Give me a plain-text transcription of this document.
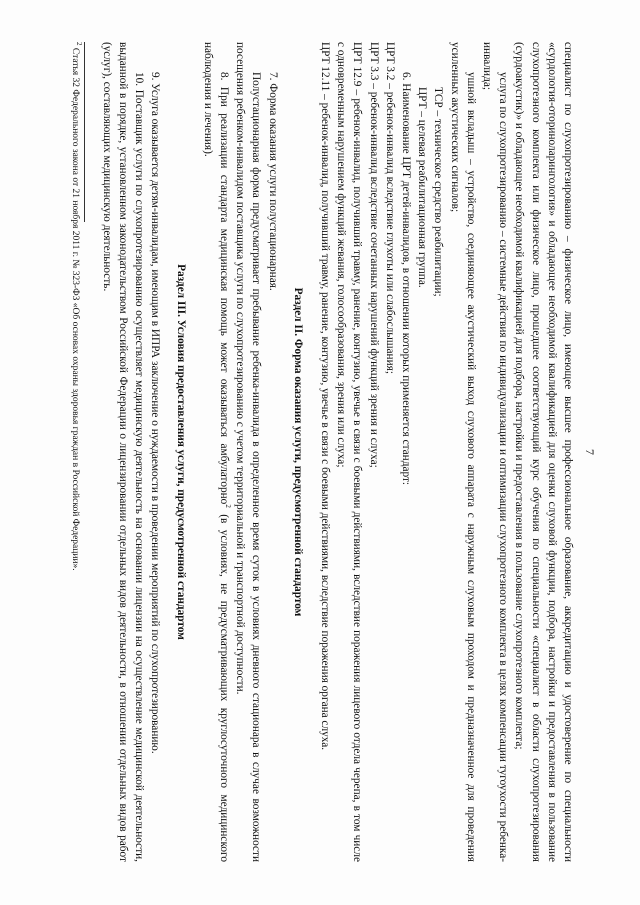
7

специалист по слухопротезированию – физическое лицо, имеющее высшее профессиональное образование, аккредитацию и удостоверение по специальности «сурдология-оториноларингология» и обладающее необходимой квалификацией для оценки слуховой функции, подбора, настройки и предоставления в пользование слухопротезного комплекта или физическое лицо, прошедшее соответствующий курс обучения по специальности «специалист в области слухопротезирования (сурдоакустик)» и обладающее необходимой квалификацией для подбора, настройки и предоставления в пользование слухопротезного комплекта;

услуга по слухопротезированию – системные действия по индивидуализации и оптимизации слухопротезного комплекта в целях компенсации тугоухости ребенка-инвалида;

ушной вкладыш – устройство, соединяющее акустический выход слухового аппарата с наружным слуховым проходом и предназначенное для проведения усиленных акустических сигналов;

ТСР – техническое средство реабилитации;

ЦРТ – целевая реабилитационная группа.

6. Наименование ЦРТ детей-инвалидов, в отношении которых применяется стандарт:

ЦРТ 3.2 – ребенок-инвалид вследствие глухоты или слабослышания;

ЦРТ 3.3 – ребенок-инвалид вследствие сочетанных нарушений функций зрения и слуха;

ЦРТ 12.9 – ребенок-инвалид, получивший травму, ранение, контузию, увечье в связи с боевыми действиями, вследствие поражения лицевого отдела черепа, в том числе с одновременным нарушением функций жевания, голосообразования, зрения или слуха;

ЦРТ 12.11 – ребенок-инвалид, получивший травму, ранение, контузию, увечье в связи с боевыми действиями, вследствие поражения органа слуха.

Раздел II. Форма оказания услуги, предусмотренной стандартом

7. Форма оказания услуги полустационарная.

Полустационарная форма предусматривает пребывание ребенка-инвалида в определенное время суток в условиях дневного стационара в случае возможности посещения ребенком-инвалидом поставщика услуги по слухопротезированию с учетом территориальной и транспортной доступности.

8. При реализации стандарта медицинская помощь может оказываться амбулаторно$^2$ (в условиях, не предусматривающих круглосуточного медицинского наблюдения и лечения).

Раздел III. Условия предоставления услуги, предусмотренной стандартом

9. Услуга оказывается детям-инвалидам, имеющим в ИПРА заключение о нуждаемости в проведении мероприятий по слухопротезированию.

10. Поставщик услуги по слухопротезированию осуществляет медицинскую деятельность на основании лицензии на осуществление медицинской деятельности, выданной в порядке, установленном законодательством Российской Федерации о лицензировании отдельных видов деятельности, в отношении отдельных видов работ (услуг), составляющих медицинскую деятельность.

$^2$ Статья 32 Федерального закона от 21 ноября 2011 г. № 323-ФЗ «Об основах охраны здоровья граждан в Российской Федерации».
